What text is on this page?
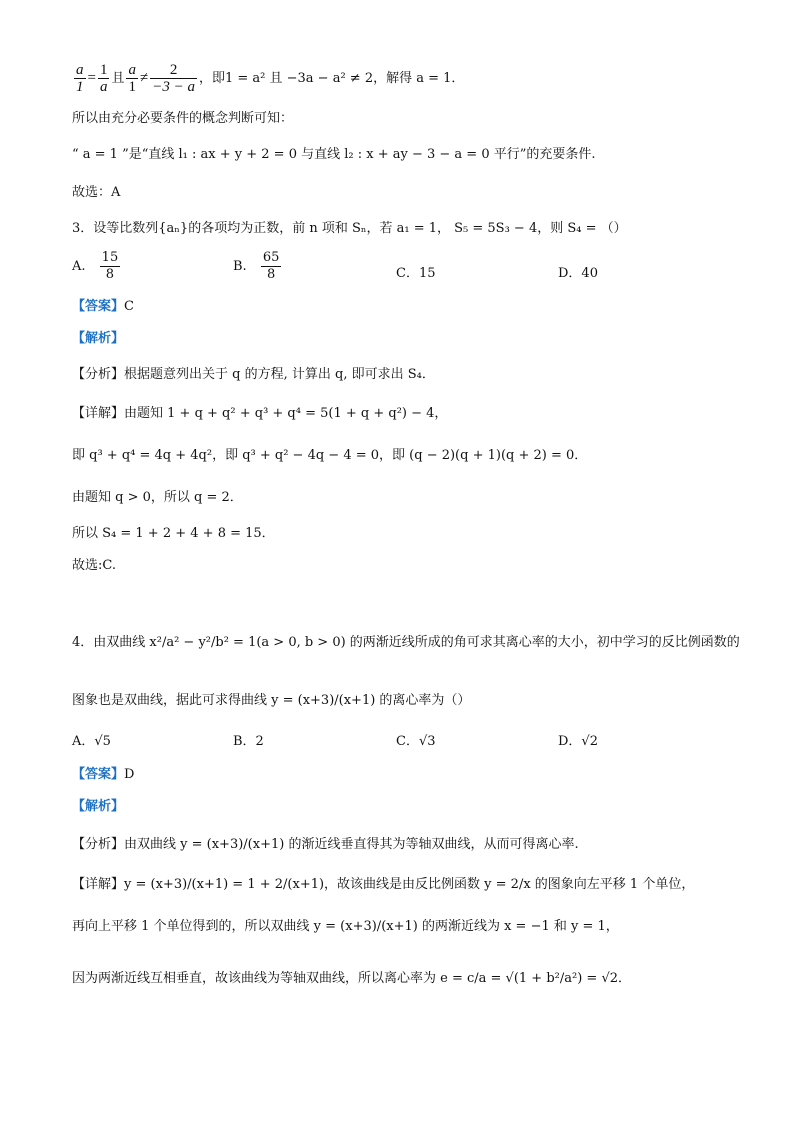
$\frac{a}{1} = \frac{1}{a}$ 且 $\frac{a}{1} \ne \frac{2}{-3 - a}$ ，即1 = a² 且 −3a − a² ≠ 2，解得 a = 1．
所以由充分必要条件的概念判断可知：
“ a = 1 ”是“直线 l₁ : ax + y + 2 = 0 与直线 l₂ : x + ay − 3 − a = 0 平行”的充要条件.
故选：A
3．设等比数列{aₙ}的各项均为正数，前 n 项和 Sₙ，若 a₁ = 1， S₅ = 5S₃ − 4，则 S₄ = （）
A. $\frac{15}{8}$	B. $\frac{65}{8}$	C．15	D．40
【答案】C
【解析】
【分析】根据题意列出关于 q 的方程, 计算出 q, 即可求出 S₄．
【详解】由题知 1 + q + q² + q³ + q⁴ = 5(1 + q + q²) − 4，
即 q³ + q⁴ = 4q + 4q²，即 q³ + q² − 4q − 4 = 0，即 (q − 2)(q + 1)(q + 2) = 0．
由题知 q > 0，所以 q = 2．
所以 S₄ = 1 + 2 + 4 + 8 = 15．
故选:C.
4．由双曲线 x²/a² − y²/b² = 1(a > 0, b > 0) 的两渐近线所成的角可求其离心率的大小，初中学习的反比例函数的
图象也是双曲线，据此可求得曲线 y = (x+3)/(x+1) 的离心率为（）
A．√5	B．2	C．√3	D．√2
【答案】D
【解析】
【分析】由双曲线 y = (x+3)/(x+1) 的渐近线垂直得其为等轴双曲线，从而可得离心率.
【详解】y = (x+3)/(x+1) = 1 + 2/(x+1)，故该曲线是由反比例函数 y = 2/x 的图象向左平移 1 个单位，
再向上平移 1 个单位得到的，所以双曲线 y = (x+3)/(x+1) 的两渐近线为 x = −1 和 y = 1，
因为两渐近线互相垂直，故该曲线为等轴双曲线，所以离心率为 e = c/a = √(1 + b²/a²) = √2．
